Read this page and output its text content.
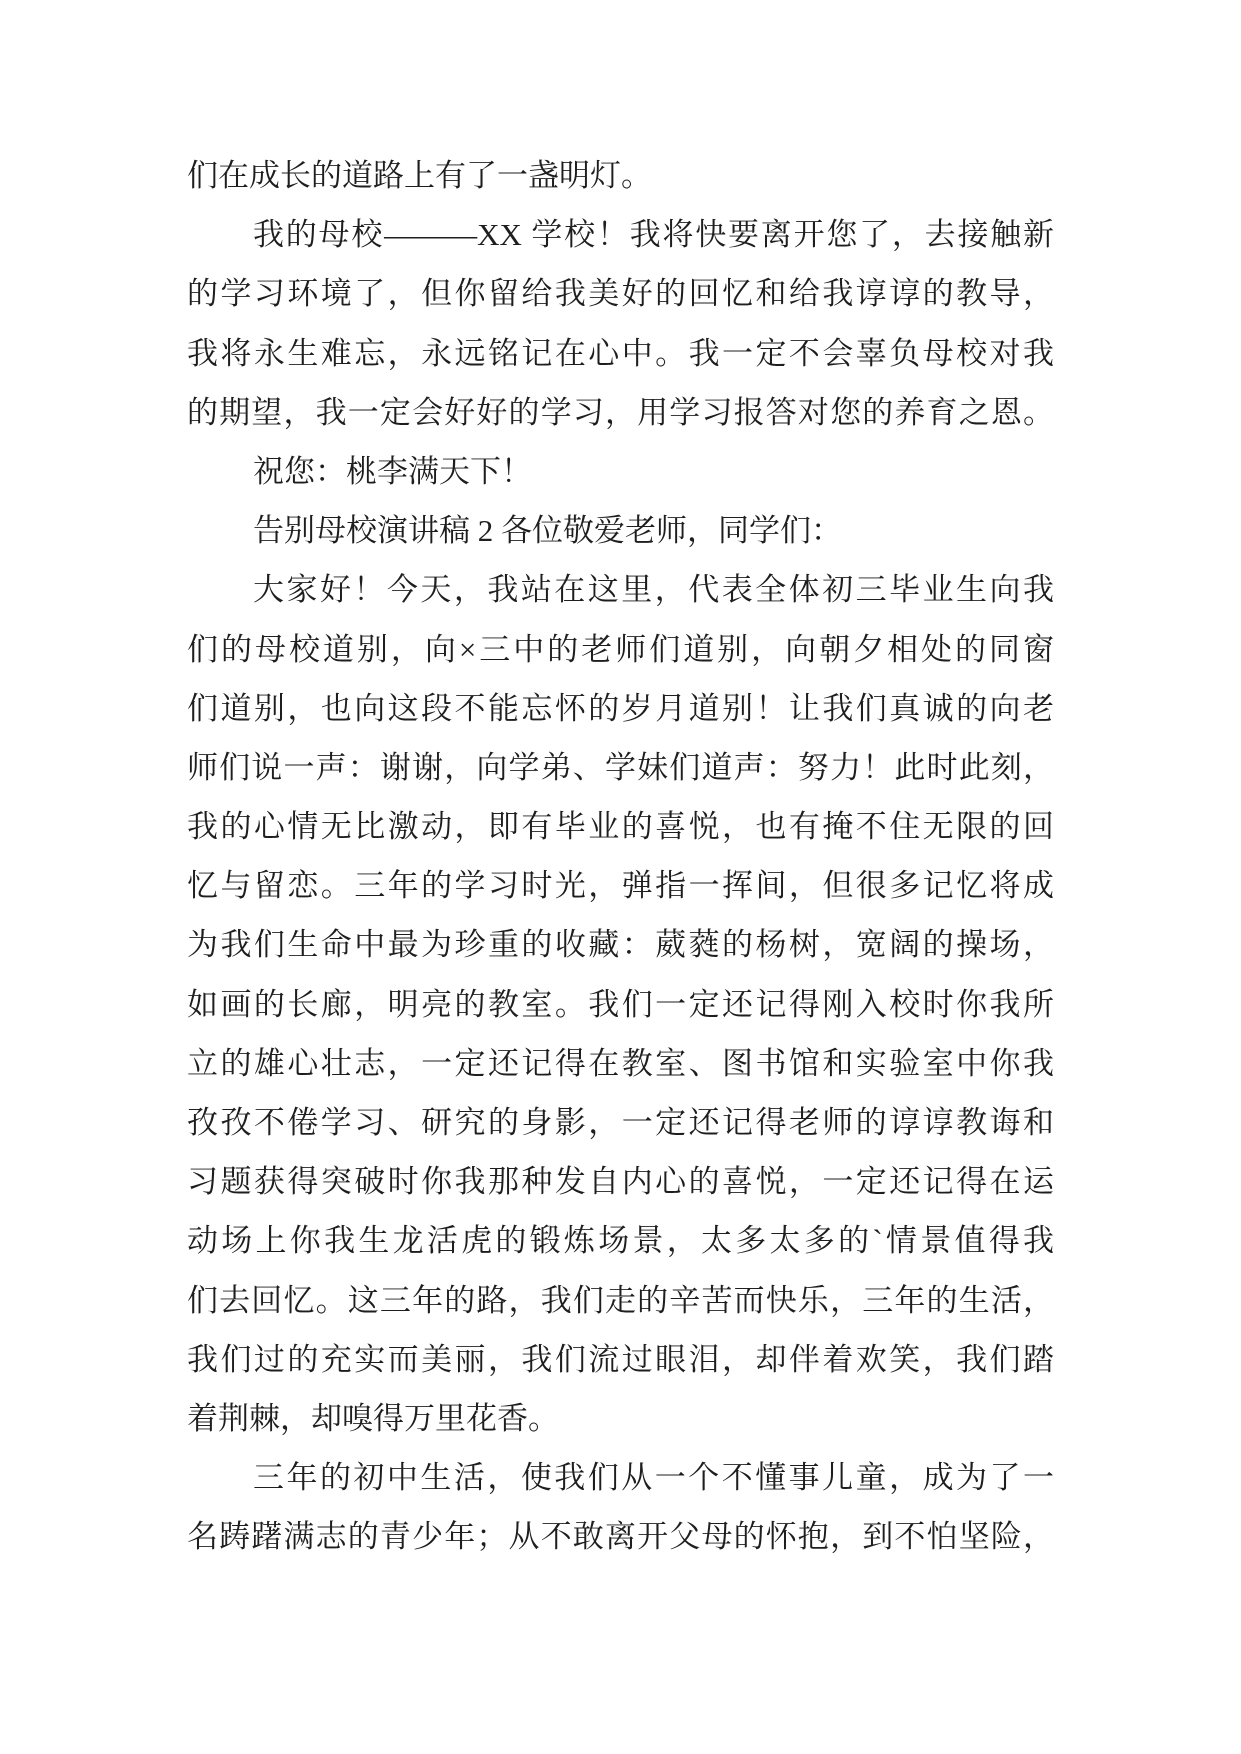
们在成长的道路上有了一盏明灯。
我的母校———XX 学校！我将快要离开您了，去接触新
的学习环境了，但你留给我美好的回忆和给我谆谆的教导，
我将永生难忘，永远铭记在心中。我一定不会辜负母校对我
的期望，我一定会好好的学习，用学习报答对您的养育之恩。
祝您：桃李满天下！
告别母校演讲稿 2 各位敬爱老师，同学们：
大家好！今天，我站在这里，代表全体初三毕业生向我
们的母校道别，向×三中的老师们道别，向朝夕相处的同窗
们道别，也向这段不能忘怀的岁月道别！让我们真诚的向老
师们说一声：谢谢，向学弟、学妹们道声：努力！此时此刻，
我的心情无比激动，即有毕业的喜悦，也有掩不住无限的回
忆与留恋。三年的学习时光，弹指一挥间，但很多记忆将成
为我们生命中最为珍重的收藏：葳蕤的杨树，宽阔的操场，
如画的长廊，明亮的教室。我们一定还记得刚入校时你我所
立的雄心壮志，一定还记得在教室、图书馆和实验室中你我
孜孜不倦学习、研究的身影，一定还记得老师的谆谆教诲和
习题获得突破时你我那种发自内心的喜悦，一定还记得在运
动场上你我生龙活虎的锻炼场景，太多太多的`情景值得我
们去回忆。这三年的路，我们走的辛苦而快乐，三年的生活，
我们过的充实而美丽，我们流过眼泪，却伴着欢笑，我们踏
着荆棘，却嗅得万里花香。
三年的初中生活，使我们从一个不懂事儿童，成为了一
名踌躇满志的青少年；从不敢离开父母的怀抱，到不怕坚险，
